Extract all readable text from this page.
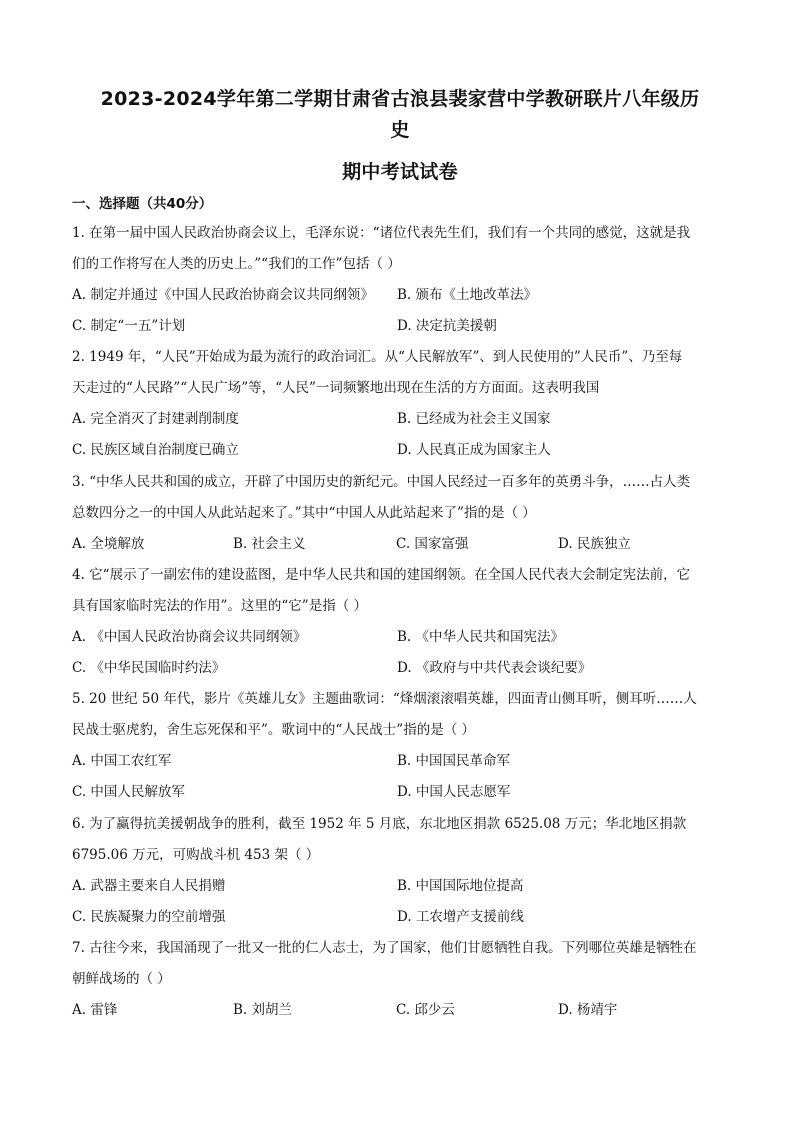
2023-2024学年第二学期甘肃省古浪县裴家营中学教研联片八年级历
史
期中考试试卷
一、选择题（共40分）
1. 在第一届中国人民政治协商会议上，毛泽东说：“诸位代表先生们，我们有一个共同的感觉，这就是我
们的工作将写在人类的历史上。”“我们的工作”包括（ ）
A. 制定并通过《中国人民政治协商会议共同纲领》 B. 颁布《土地改革法》
C. 制定“一五”计划	D. 决定抗美援朝
2. 1949 年，“人民”开始成为最为流行的政治词汇。从“人民解放军”、到人民使用的”人民币”、乃至每
天走过的“人民路”“人民广场”等，“人民”一词频繁地出现在生活的方方面面。这表明我国
A. 完全消灭了封建剥削制度	B. 已经成为社会主义国家
C. 民族区域自治制度已确立	D. 人民真正成为国家主人
3. “中华人民共和国的成立，开辟了中国历史的新纪元。中国人民经过一百多年的英勇斗争，……占人类
总数四分之一的中国人从此站起来了。”其中“中国人从此站起来了”指的是（ ）
A. 全境解放	B. 社会主义	C. 国家富强	D. 民族独立
4. 它“展示了一副宏伟的建设蓝图，是中华人民共和国的建国纲领。在全国人民代表大会制定宪法前，它
具有国家临时宪法的作用”。这里的“它”是指（ ）
A. 《中国人民政治协商会议共同纲领》	B. 《中华人民共和国宪法》
C. 《中华民国临时约法》	D. 《政府与中共代表会谈纪要》
5. 20 世纪 50 年代，影片《英雄儿女》主题曲歌词：“烽烟滚滚唱英雄，四面青山侧耳听，侧耳听……人
民战士驱虎豹，舍生忘死保和平”。歌词中的“人民战士”指的是（ ）
A. 中国工农红军	B. 中国国民革命军
C. 中国人民解放军	D. 中国人民志愿军
6. 为了赢得抗美援朝战争的胜利，截至 1952 年 5 月底，东北地区捐款 6525.08 万元；华北地区捐款
6795.06 万元，可购战斗机 453 架（ ）
A. 武器主要来自人民捐赠	B. 中国国际地位提高
C. 民族凝聚力的空前增强	D. 工农增产支援前线
7. 古往今来，我国涌现了一批又一批的仁人志士，为了国家，他们甘愿牺牲自我。下列哪位英雄是牺牲在
朝鲜战场的（ ）
A. 雷锋	B. 刘胡兰	C. 邱少云	D. 杨靖宇
